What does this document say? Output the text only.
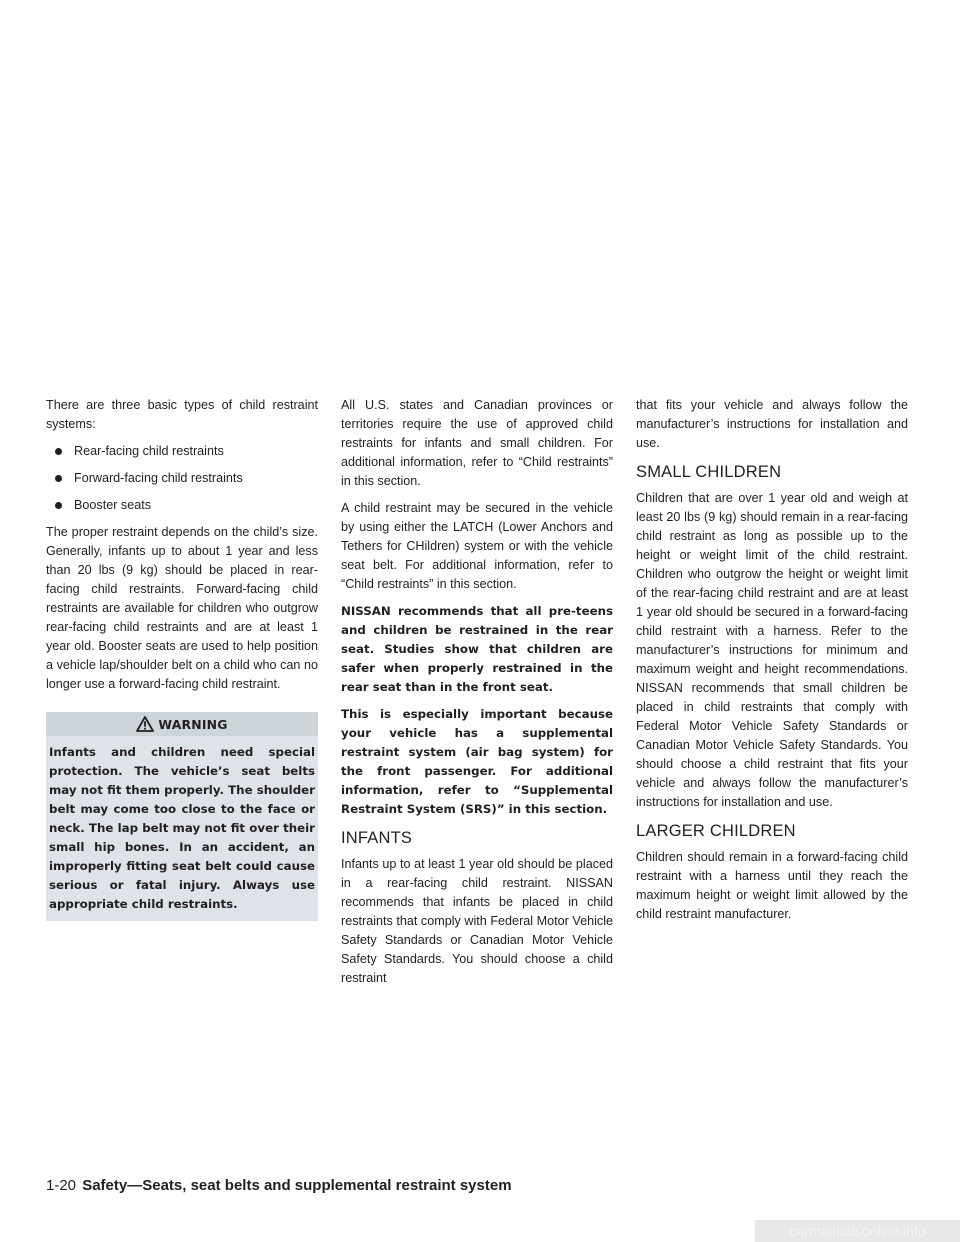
There are three basic types of child restraint systems:

Rear-facing child restraints
Forward-facing child restraints
Booster seats

The proper restraint depends on the child’s size. Generally, infants up to about 1 year and less than 20 lbs (9 kg) should be placed in rear-facing child restraints. Forward-facing child restraints are available for children who outgrow rear-facing child restraints and are at least 1 year old. Booster seats are used to help position a vehicle lap/shoulder belt on a child who can no longer use a forward-facing child restraint.

WARNING
Infants and children need special protection. The vehicle’s seat belts may not fit them properly. The shoulder belt may come too close to the face or neck. The lap belt may not fit over their small hip bones. In an accident, an improperly fitting seat belt could cause serious or fatal injury. Always use appropriate child restraints.

All U.S. states and Canadian provinces or territories require the use of approved child restraints for infants and small children. For additional information, refer to “Child restraints” in this section.

A child restraint may be secured in the vehicle by using either the LATCH (Lower Anchors and Tethers for CHildren) system or with the vehicle seat belt. For additional information, refer to “Child restraints” in this section.

NISSAN recommends that all pre-teens and children be restrained in the rear seat. Studies show that children are safer when properly restrained in the rear seat than in the front seat.

This is especially important because your vehicle has a supplemental restraint system (air bag system) for the front passenger. For additional information, refer to “Supplemental Restraint System (SRS)” in this section.

INFANTS

Infants up to at least 1 year old should be placed in a rear-facing child restraint. NISSAN recommends that infants be placed in child restraints that comply with Federal Motor Vehicle Safety Standards or Canadian Motor Vehicle Safety Standards. You should choose a child restraint

that fits your vehicle and always follow the manufacturer’s instructions for installation and use.

SMALL CHILDREN

Children that are over 1 year old and weigh at least 20 lbs (9 kg) should remain in a rear-facing child restraint as long as possible up to the height or weight limit of the child restraint. Children who outgrow the height or weight limit of the rear-facing child restraint and are at least 1 year old should be secured in a forward-facing child restraint with a harness. Refer to the manufacturer’s instructions for minimum and maximum weight and height recommendations. NISSAN recommends that small children be placed in child restraints that comply with Federal Motor Vehicle Safety Standards or Canadian Motor Vehicle Safety Standards. You should choose a child restraint that fits your vehicle and always follow the manufacturer’s instructions for installation and use.

LARGER CHILDREN

Children should remain in a forward-facing child restraint with a harness until they reach the maximum height or weight limit allowed by the child restraint manufacturer.

1-20 Safety—Seats, seat belts and supplemental restraint system
carmanualsonline.info
